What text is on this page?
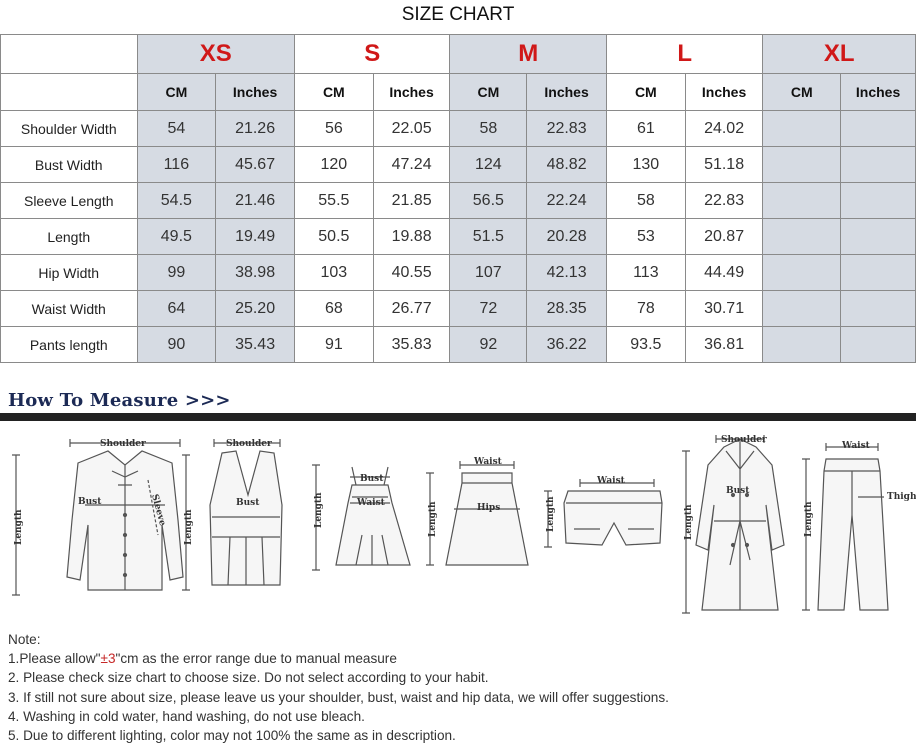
SIZE CHART
	XS		S		M		L		XL	
	CM	Inches	CM	Inches	CM	Inches	CM	Inches	CM	Inches
Shoulder Width	54	21.26	56	22.05	58	22.83	61	24.02		
Bust Width	116	45.67	120	47.24	124	48.82	130	51.18		
Sleeve Length	54.5	21.46	55.5	21.85	56.5	22.24	58	22.83		
Length	49.5	19.49	50.5	19.88	51.5	20.28	53	20.87		
Hip Width	99	38.98	103	40.55	107	42.13	113	44.49		
Waist Width	64	25.20	68	26.77	72	28.35	78	30.71		
Pants length	90	35.43	91	35.83	92	36.22	93.5	36.81		
How To Measure >>>
Shoulder
Bust
Length	Sleeve
Shoulder
Bust
Length
Bust
Waist
Length
Waist
Hips
Length
Waist
Length
Shoulder
Bust
Length
Waist
Thigh
Length
Note:
1.Please allow"±3"cm as the error range due to manual measure
2. Please check size chart to choose size. Do not select according to your habit.
3. If still not sure about size, please leave us your shoulder, bust, waist and hip data, we will offer suggestions.
4. Washing in cold water, hand washing, do not use bleach.
5. Due to different lighting, color may not 100% the same as in description.
